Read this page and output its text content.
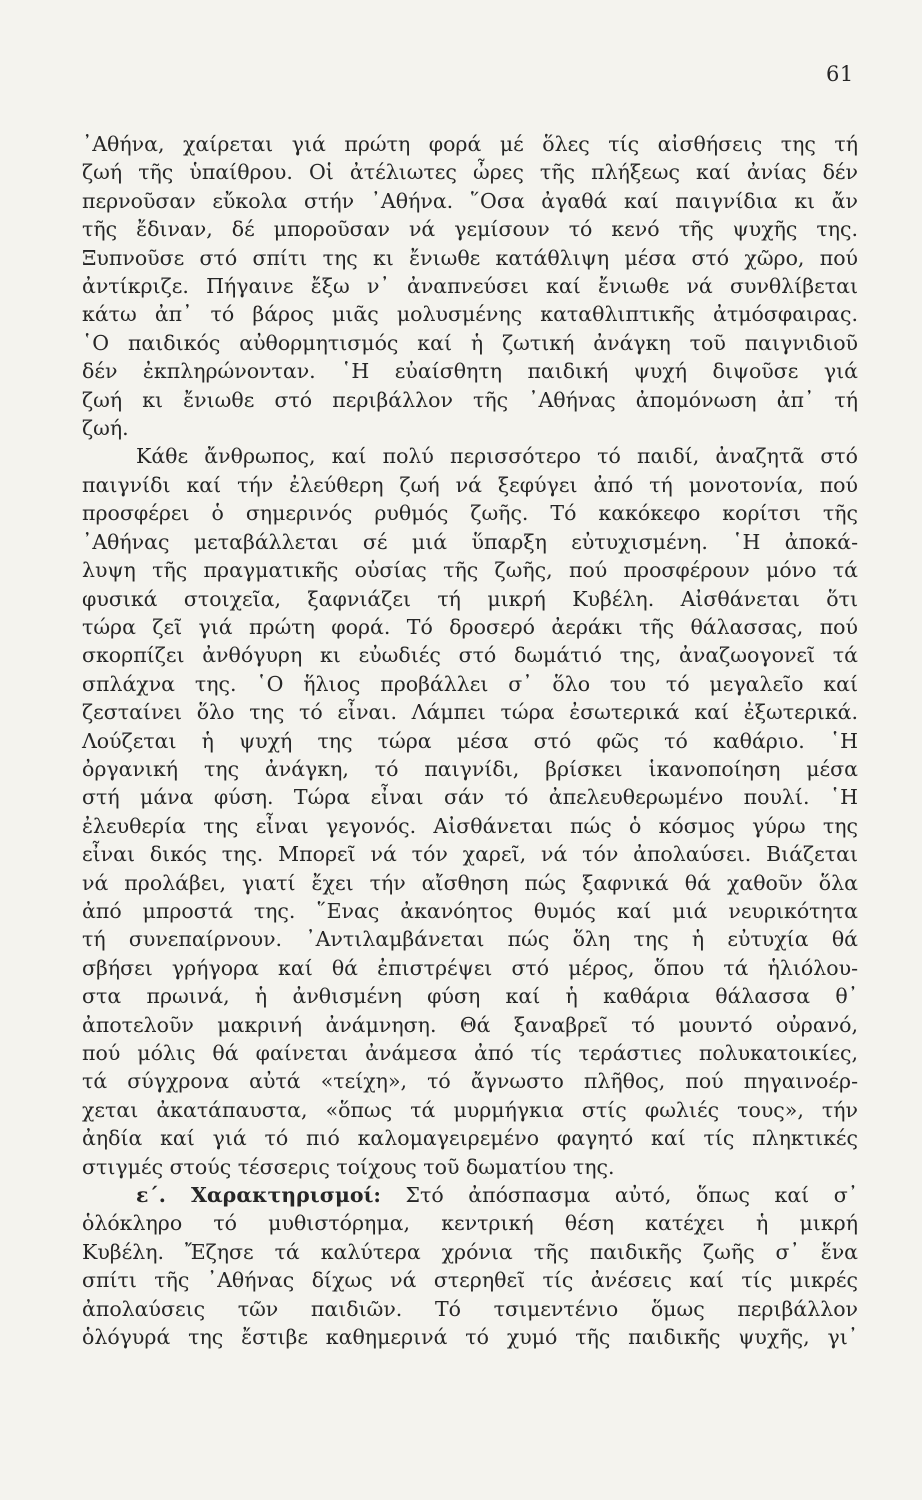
61
᾿Αθήνα, χαίρεται γιά πρώτη φορά μέ ὅλες τίς αἰσθήσεις της τή
ζωή τῆς ὑπαίθρου. Οἱ ἀτέλιωτες ὦρες τῆς πλήξεως καί ἀνίας δέν
περνοῦσαν εὔκολα στήν ᾿Αθήνα. ῞Οσα ἀγαθά καί παιγνίδια κι ἄν
τῆς ἔδιναν, δέ μποροῦσαν νά γεμίσουν τό κενό τῆς ψυχῆς της.
Ξυπνοῦσε στό σπίτι της κι ἔνιωθε κατάθλιψη μέσα στό χῶρο, πού
ἀντίκριζε. Πήγαινε ἔξω ν᾿ ἀναπνεύσει καί ἔνιωθε νά συνθλίβεται
κάτω ἀπ᾿ τό βάρος μιᾶς μολυσμένης καταθλιπτικῆς ἀτμόσφαιρας.
῾Ο παιδικός αὐθορμητισμός καί ἡ ζωτική ἀνάγκη τοῦ παιγνιδιοῦ
δέν ἐκπληρώνονταν. ῾Η εὐαίσθητη παιδική ψυχή διψοῦσε γιά
ζωή κι ἔνιωθε στό περιβάλλον τῆς ᾿Αθήνας ἀπομόνωση ἀπ᾿ τή
ζωή.
Κάθε ἄνθρωπος, καί πολύ περισσότερο τό παιδί, ἀναζητᾶ στό
παιγνίδι καί τήν ἐλεύθερη ζωή νά ξεφύγει ἀπό τή μονοτονία, πού
προσφέρει ὁ σημερινός ρυθμός ζωῆς. Τό κακόκεφο κορίτσι τῆς
᾿Αθήνας μεταβάλλεται σέ μιά ὕπαρξη εὐτυχισμένη. ῾Η ἀποκά-
λυψη τῆς πραγματικῆς οὐσίας τῆς ζωῆς, πού προσφέρουν μόνο τά
φυσικά στοιχεῖα, ξαφνιάζει τή μικρή Κυβέλη. Αἰσθάνεται ὅτι
τώρα ζεῖ γιά πρώτη φορά. Τό δροσερό ἀεράκι τῆς θάλασσας, πού
σκορπίζει ἀνθόγυρη κι εὐωδιές στό δωμάτιό της, ἀναζωογονεῖ τά
σπλάχνα της. ῾Ο ἥλιος προβάλλει σ᾿ ὅλο του τό μεγαλεῖο καί
ζεσταίνει ὅλο της τό εἶναι. Λάμπει τώρα ἐσωτερικά καί ἐξωτερικά.
Λούζεται ἡ ψυχή της τώρα μέσα στό φῶς τό καθάριο. ῾Η
ὀργανική της ἀνάγκη, τό παιγνίδι, βρίσκει ἱκανοποίηση μέσα
στή μάνα φύση. Τώρα εἶναι σάν τό ἀπελευθερωμένο πουλί. ῾Η
ἐλευθερία της εἶναι γεγονός. Αἰσθάνεται πώς ὁ κόσμος γύρω της
εἶναι δικός της. Μπορεῖ νά τόν χαρεῖ, νά τόν ἀπολαύσει. Βιάζεται
νά προλάβει, γιατί ἔχει τήν αἴσθηση πώς ξαφνικά θά χαθοῦν ὅλα
ἀπό μπροστά της. ῞Ενας ἀκανόητος θυμός καί μιά νευρικότητα
τή συνεπαίρνουν. ᾿Αντιλαμβάνεται πώς ὅλη της ἡ εὐτυχία θά
σβήσει γρήγορα καί θά ἐπιστρέψει στό μέρος, ὅπου τά ἡλιόλου-
στα πρωινά, ἡ ἀνθισμένη φύση καί ἡ καθάρια θάλασσα θ᾿
ἀποτελοῦν μακρινή ἀνάμνηση. Θά ξαναβρεῖ τό μουντό οὐρανό,
πού μόλις θά φαίνεται ἀνάμεσα ἀπό τίς τεράστιες πολυκατοικίες,
τά σύγχρονα αὐτά «τείχη», τό ἄγνωστο πλῆθος, πού πηγαινοέρ-
χεται ἀκατάπαυστα, «ὅπως τά μυρμήγκια στίς φωλιές τους», τήν
ἀηδία καί γιά τό πιό καλομαγειρεμένο φαγητό καί τίς πληκτικές
στιγμές στούς τέσσερις τοίχους τοῦ δωματίου της.
ε΄. Χαρακτηρισμοί: Στό ἀπόσπασμα αὐτό, ὅπως καί σ᾿
ὁλόκληρο τό μυθιστόρημα, κεντρική θέση κατέχει ἡ μικρή
Κυβέλη. Ἔζησε τά καλύτερα χρόνια τῆς παιδικῆς ζωῆς σ᾿ ἕνα
σπίτι τῆς ᾿Αθήνας δίχως νά στερηθεῖ τίς ἀνέσεις καί τίς μικρές
ἀπολαύσεις τῶν παιδιῶν. Τό τσιμεντένιο ὅμως περιβάλλον
ὁλόγυρά της ἔστιβε καθημερινά τό χυμό τῆς παιδικῆς ψυχῆς, γι᾿
